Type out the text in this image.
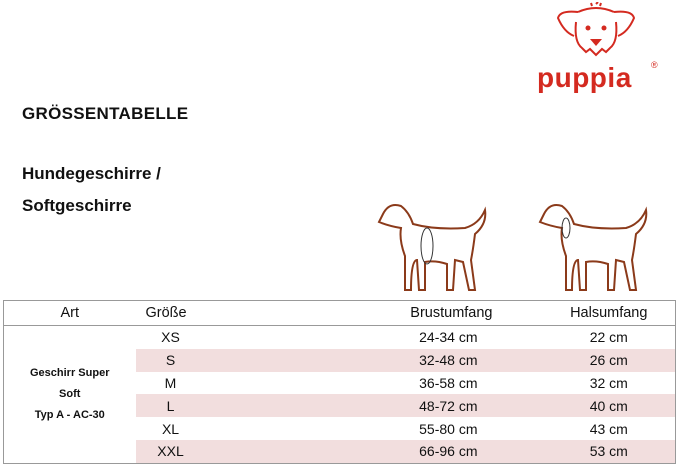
puppia ®
GRÖSSENTABELLE
Hundegeschirre /
Softgeschirre
Art	Größe	Brustumfang	Halsumfang

Geschirr Super
Soft
Typ A - AC-30	XS	24-34 cm	22 cm
	S	32-48 cm	26 cm
	M	36-58 cm	32 cm
	L	48-72 cm	40 cm
	XL	55-80 cm	43 cm
	XXL	66-96 cm	53 cm
